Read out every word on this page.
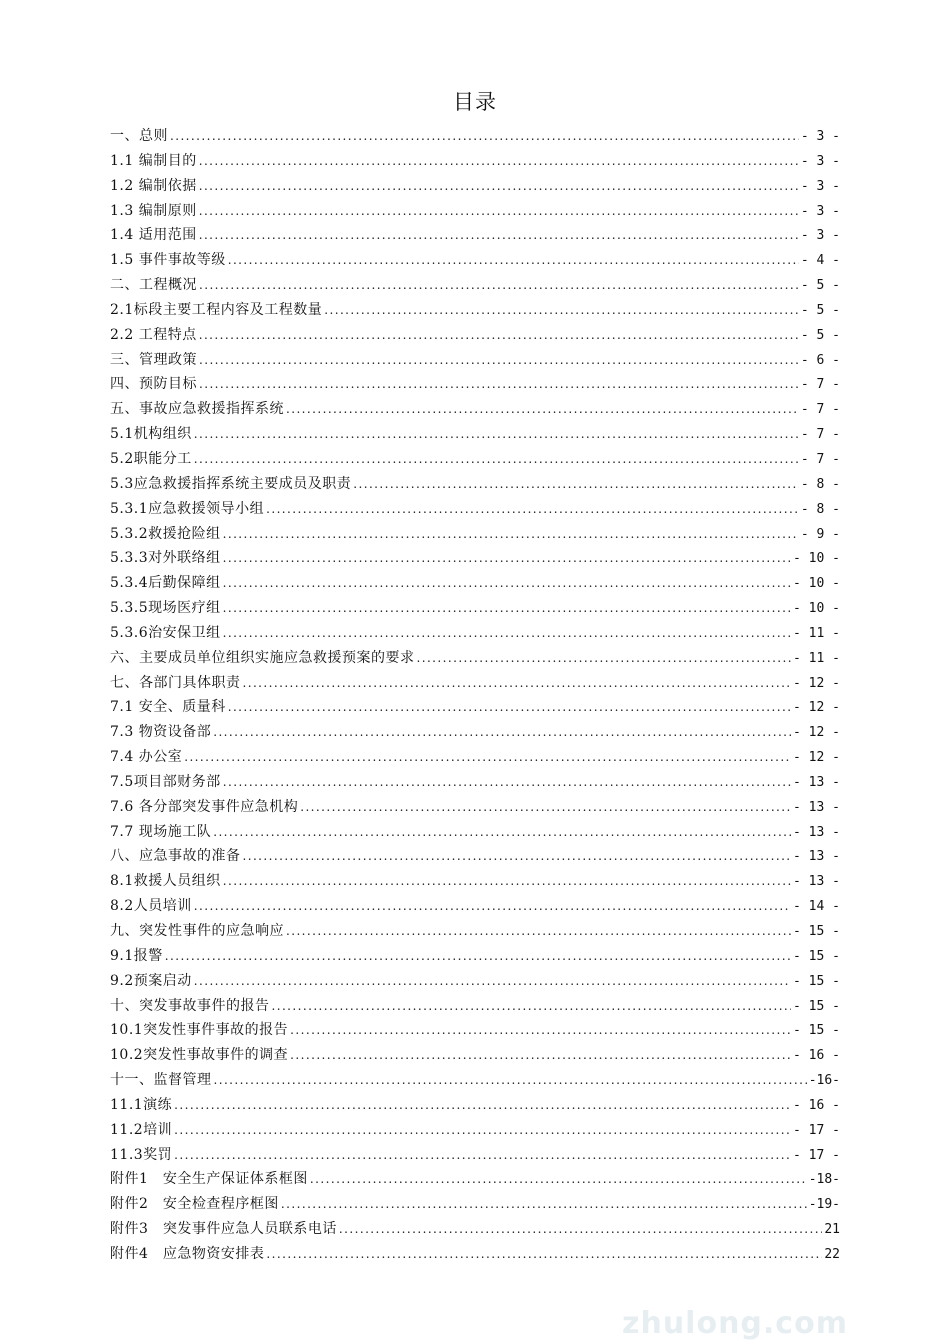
目录
一、总则 . . .	- 3 -
1.1 编制目的 . . .	- 3 -
1.2 编制依据 . . .	- 3 -
1.3 编制原则 . . .	- 3 -
1.4 适用范围 . . .	- 3 -
1.5 事件事故等级 . . .	- 4 -
二、工程概况 . . .	- 5 -
2.1标段主要工程内容及工程数量 . . .	- 5 -
2.2 工程特点 . . .	- 5 -
三、管理政策 . . .	- 6 -
四、预防目标 . . .	- 7 -
五、事故应急救援指挥系统 . . .	- 7 -
5.1机构组织 . . .	- 7 -
5.2职能分工 . . .	- 7 -
5.3应急救援指挥系统主要成员及职责 . . .	- 8 -
5.3.1应急救援领导小组 . . .	- 8 -
5.3.2救援抢险组 . . .	- 9 -
5.3.3对外联络组 . . .	- 10 -
5.3.4后勤保障组 . . .	- 10 -
5.3.5现场医疗组 . . .	- 10 -
5.3.6治安保卫组 . . .	- 11 -
六、主要成员单位组织实施应急救援预案的要求 . . .	- 11 -
七、各部门具体职责 . . .	- 12 -
7.1 安全、质量科 . . .	- 12 -
7.3 物资设备部 . . .	- 12 -
7.4 办公室 . . .	- 12 -
7.5项目部财务部 . . .	- 13 -
7.6 各分部突发事件应急机构 . . .	- 13 -
7.7 现场施工队 . . .	- 13 -
八、应急事故的准备 . . .	- 13 -
8.1救援人员组织 . . .	- 13 -
8.2人员培训 . . .	- 14 -
九、突发性事件的应急响应 . . .	- 15 -
9.1报警 . . .	- 15 -
9.2预案启动 . . .	- 15 -
十、突发事故事件的报告 . . .	- 15 -
10.1突发性事件事故的报告 . . .	- 15 -
10.2突发性事故事件的调查 . . .	- 16 -
十一、监督管理 . . .	-16-
11.1演练 . . .	- 16 -
11.2培训 . . .	- 17 -
11.3奖罚 . . .	- 17 -
附件1　安全生产保证体系框图 . . .	-18-
附件2　安全检查程序框图 . . .	-19-
附件3　突发事件应急人员联系电话 . . .	21
附件4　应急物资安排表 . . .	22
zhulong.com
